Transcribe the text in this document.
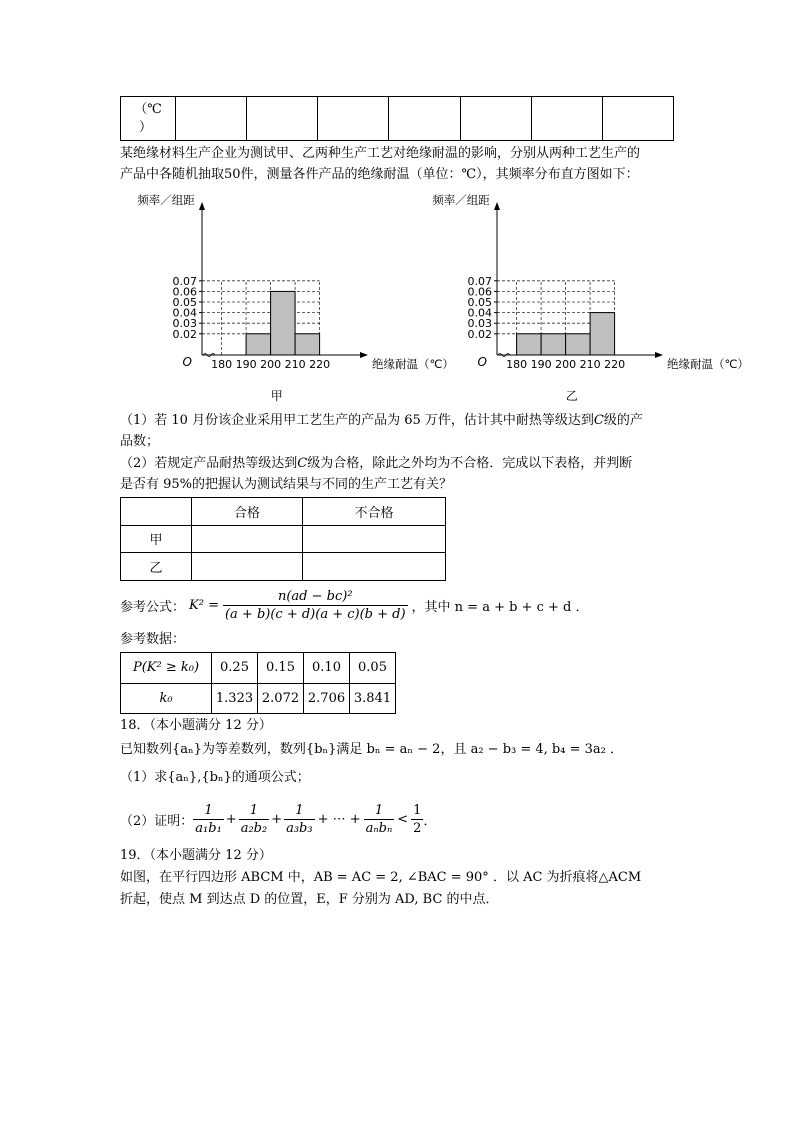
（℃
）

某绝缘材料生产企业为测试甲、乙两种生产工艺对绝缘耐温的影响，分别从两种工艺生产的
产品中各随机抽取50件，测量各件产品的绝缘耐温（单位：℃），其频率分布直方图如下：
0.02
0.03
0.04
0.05
0.06
0.07
180 190 200 210 220
O
频率／组距
绝缘耐温（℃）
甲
0.02
0.03
0.04
0.05
0.06
0.07
180 190 200 210 220
O
频率／组距
绝缘耐温（℃）
乙
（1）若 10 月份该企业采用甲工艺生产的产品为 65 万件，估计其中耐热等级达到C级的产
品数；
（2）若规定产品耐热等级达到C级为合格，除此之外均为不合格．完成以下表格，并判断
是否有 95%的把握认为测试结果与不同的生产工艺有关？
	合格	不合格
甲		
乙		
参考公式： $K^2 = \frac{\text{n(ad − bc)²}}{(a + b)(c + d)(a + c)(b + d)}$ ，其中 n = a + b + c + d ．
参考数据：
P(K² ≥ k₀)	0.25	0.15	0.10	0.05
k₀	1.323	2.072	2.706	3.841
18．（本小题满分 12 分）
已知数列{aₙ}为等差数列，数列{bₙ}满足 bₙ = aₙ − 2，且 a₂ − b₃ = 4, b₄ = 3a₂ ．
（1）求{aₙ},{bₙ}的通项公式；
（2）证明： $\frac{1}{\text{a₁b₁}} + \frac{1}{\text{a₂b₂}} + \frac{1}{\text{a₃b₃}}$ + ⋯ + $\frac{1}{\text{aₙbₙ}} < \frac{1}{2}$ ．
19．（本小题满分 12 分）
如图，在平行四边形 ABCM 中，AB = AC = 2, ∠BAC = 90° ．以 AC 为折痕将△ACM
折起，使点 M 到达点 D 的位置，E，F 分别为 AD, BC 的中点．
